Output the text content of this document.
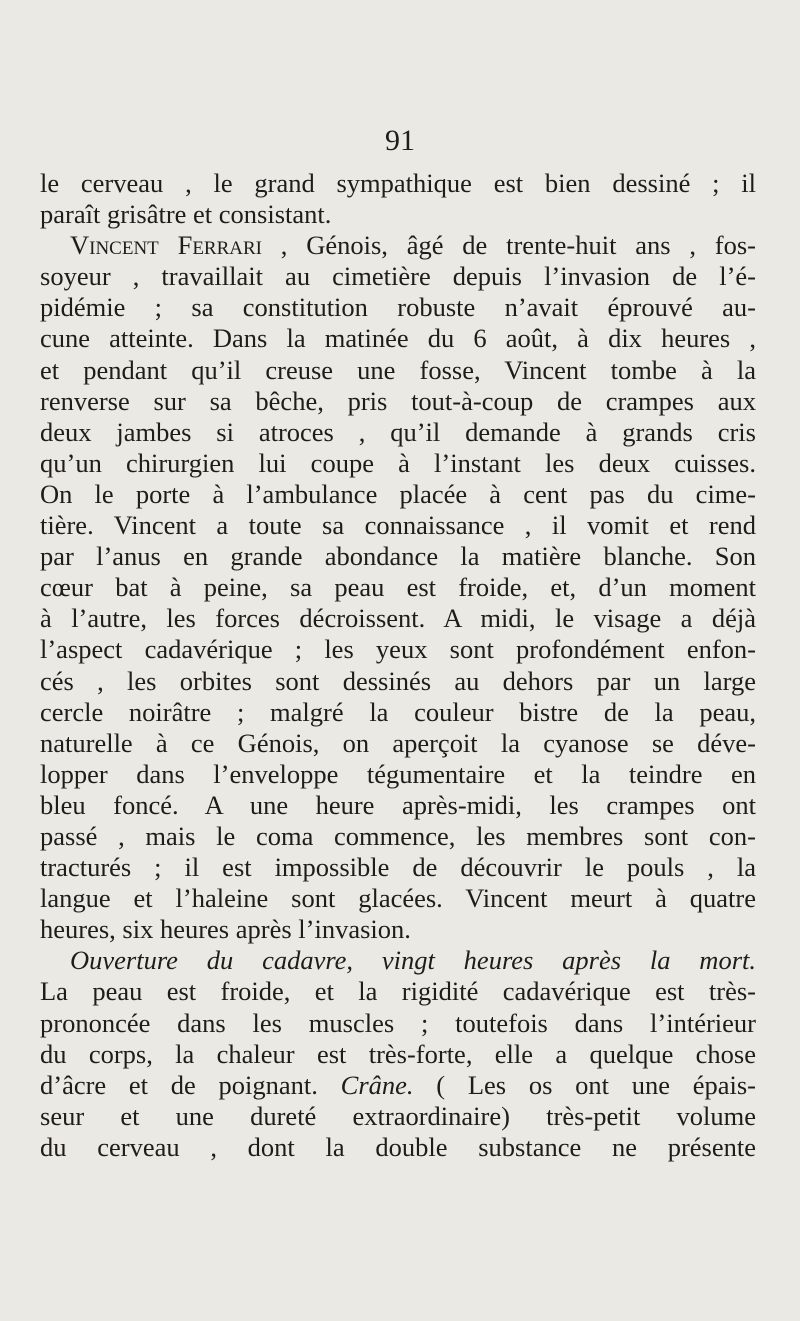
91
le cerveau , le grand sympathique est bien dessiné ; il
paraît grisâtre et consistant.
Vincent Ferrari , Génois, âgé de trente-huit ans , fos-
soyeur , travaillait au cimetière depuis l’invasion de l’é-
pidémie ; sa constitution robuste n’avait éprouvé au-
cune atteinte. Dans la matinée du 6 août, à dix heures ,
et pendant qu’il creuse une fosse, Vincent tombe à la
renverse sur sa bêche, pris tout-à-coup de crampes aux
deux jambes si atroces , qu’il demande à grands cris
qu’un chirurgien lui coupe à l’instant les deux cuisses.
On le porte à l’ambulance placée à cent pas du cime-
tière. Vincent a toute sa connaissance , il vomit et rend
par l’anus en grande abondance la matière blanche. Son
cœur bat à peine, sa peau est froide, et, d’un moment
à l’autre, les forces décroissent. A midi, le visage a déjà
l’aspect cadavérique ; les yeux sont profondément enfon-
cés , les orbites sont dessinés au dehors par un large
cercle noirâtre ; malgré la couleur bistre de la peau,
naturelle à ce Génois, on aperçoit la cyanose se déve-
lopper dans l’enveloppe tégumentaire et la teindre en
bleu foncé. A une heure après-midi, les crampes ont
passé , mais le coma commence, les membres sont con-
tracturés ; il est impossible de découvrir le pouls , la
langue et l’haleine sont glacées. Vincent meurt à quatre
heures, six heures après l’invasion.
Ouverture du cadavre, vingt heures après la mort.
La peau est froide, et la rigidité cadavérique est très-
prononcée dans les muscles ; toutefois dans l’intérieur
du corps, la chaleur est très-forte, elle a quelque chose
d’âcre et de poignant. Crâne. ( Les os ont une épais-
seur et une dureté extraordinaire) très-petit volume
du cerveau , dont la double substance ne présente
